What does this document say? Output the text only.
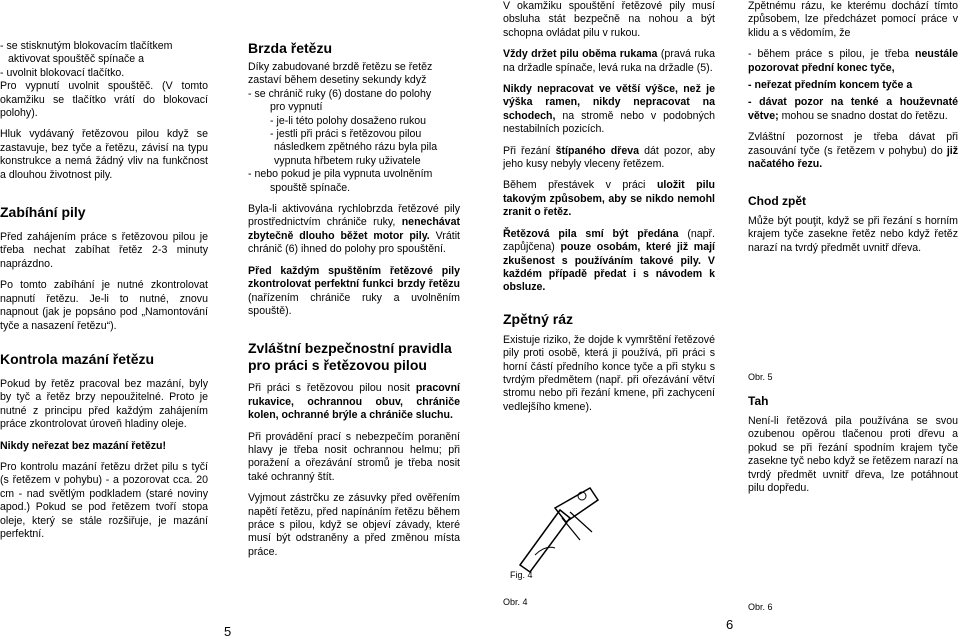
- se stisknutým blokovacím tlačítkem
aktivovat spouštěč spínače a
- uvolnit blokovací tlačítko.

Pro vypnutí uvolnit spouštěč. (V tomto okamžiku se tlačítko vrátí do blokovací polohy).

Hluk vydávaný řetězovou pilou když se zastavuje, bez tyče a řetězu, závisí na typu konstrukce a nemá žádný vliv na funkčnost a dlouhou životnost pily.

Zabíhání pily

Před zahájením práce s řetězovou pilou je třeba nechat zabíhat řetěz 2-3 minuty naprázdno.

Po tomto zabíhání je nutné zkontrolovat napnutí řetězu. Je-li to nutné, znovu napnout (jak je popsáno pod „Namontování tyče a nasazení řetězu“).

Kontrola mazání řetězu

Pokud by řetěz pracoval bez mazání, byly by tyč a řetěz brzy nepoužitelné. Proto je nutné z principu před každým zahájením práce zkontrolovat úroveň hladiny oleje.

Nikdy neřezat bez mazání řetězu!

Pro kontrolu mazání řetězu držet pilu s tyčí (s řetězem v pohybu) - a pozorovat cca. 20 cm - nad světlým podkladem (staré noviny apod.) Pokud se pod řetězem tvoří stopa oleje, který se stále rozšiřuje, je mazání perfektní.

5
Brzda řetězu
Díky zabudované brzdě řetězu se řetěz
zastaví během desetiny sekundy když
- se chránič ruky (6) dostane do polohy
pro vypnutí
- je-li této polohy dosaženo rukou
- jestli při práci s řetězovou pilou
následkem zpětného rázu byla pila
vypnuta hřbetem ruky uživatele
- nebo pokud je pila vypnuta uvolněním
spouště spínače.

Byla-li aktivována rychlobrzda řetězové pily prostřednictvím chrániče ruky, nenechávat zbytečně dlouho běžet motor pily. Vrátit chránič (6) ihned do polohy pro spouštění.

Před každým spuštěním řetězové pily zkontrolovat perfektní funkci brzdy řetězu (nařízením chrániče ruky a uvolněním spouště).

Zvláštní bezpečnostní pravidla pro práci s řetězovou pilou

Při práci s řetězovou pilou nosit pracovní rukavice, ochrannou obuv, chrániče kolen, ochranné brýle a chrániče sluchu.

Při provádění prací s nebezpečím poranění hlavy je třeba nosit ochrannou helmu; při poražení a ořezávání stromů je třeba nosit také ochranný štít.

Vyjmout zástrčku ze zásuvky před ověřením napětí řetězu, před napínáním řetězu během práce s pilou, když se objeví závady, které musí být odstraněny a před změnou místa práce.

Fig. 4
Obr. 4

V okamžiku spouštění řetězové pily musí obsluha stát bezpečně na nohou a být schopna ovládat pilu v rukou.

Vždy držet pilu oběma rukama (pravá ruka na držadle spínače, levá ruka na držadle (5).

Nikdy nepracovat ve větší výšce, než je výška ramen, nikdy nepracovat na schodech, na stromě nebo v podobných nestabilních pozicích.

Při řezání štípaného dřeva dát pozor, aby jeho kusy nebyly vleceny řetězem.

Během přestávek v práci uložit pilu takovým způsobem, aby se nikdo nemohl zranit o řetěz.

Řetězová pila smí být předána (např. zapůjčena) pouze osobám, které již mají zkušenost s používáním takové pily. V každém případě předat i s návodem k obsluze.

Zpětný ráz

Existuje riziko, že dojde k vymrštění řetězové pily proti osobě, která ji používá, při práci s horní částí předního konce tyče a při styku s tvrdým předmětem (např. při ořezávání větví stromu nebo při řezání kmene, při zachycení vedlejšího kmene).

Obr. 5
6

Zpětnému rázu, ke kterému dochází tímto způsobem, lze předcházet pomocí práce v klidu a s vědomím, že

- během práce s pilou, je třeba neustále pozorovat přední konec tyče,
- neřezat předním koncem tyče a
- dávat pozor na tenké a houževnaté větve; mohou se snadno dostat do řetězu.

Zvláštní pozornost je třeba dávat při zasouvání tyče (s řetězem v pohybu) do již načatého řezu.

Chod zpět

Může být pouţit, když se při řezání s horním krajem tyče zasekne řetěz nebo když řetěz narazí na tvrdý předmět uvnitř dřeva.

Tah

Není-li řetězová pila používána se svou ozubenou opěrou tlačenou proti dřevu a pokud se při řezání spodním krajem tyče zasekne tyč nebo když se řetězem narazí na tvrdý předmět uvnitř dřeva, lze potáhnout pilu dopředu.

Obr. 6
